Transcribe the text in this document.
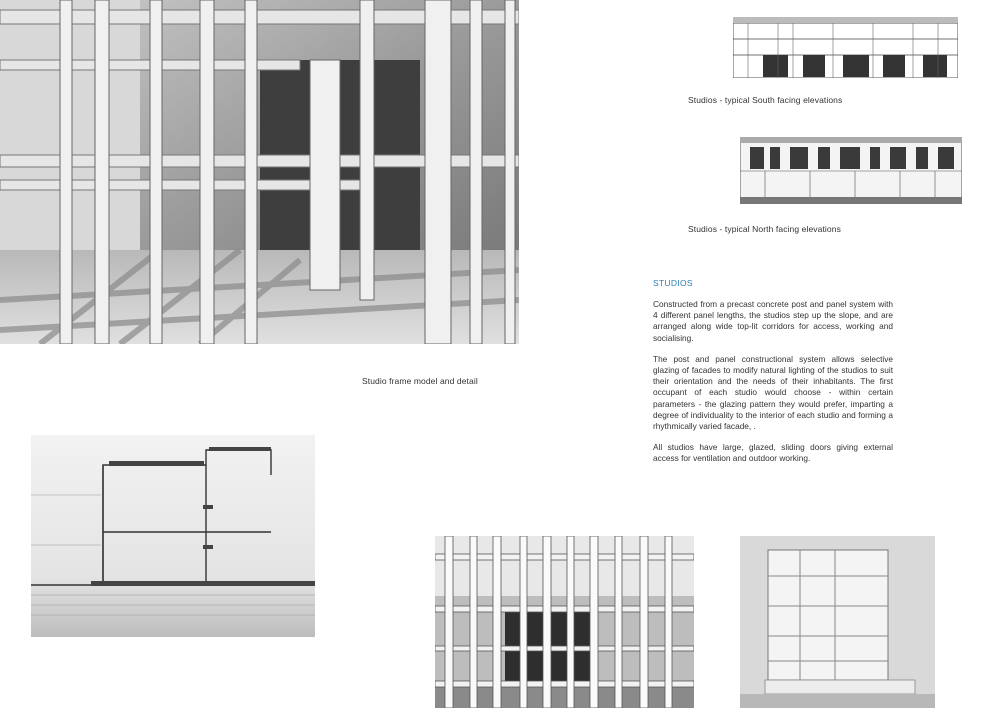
Studios - typical South facing elevations
Studios - typical North facing elevations
STUDIOS

Constructed from a precast concrete post and panel system with 4 different panel lengths, the studios step up the slope, and are arranged along wide top-lit corridors for access, working and socialising.

The post and panel constructional system allows selective glazing of facades to modify natural lighting of the studios to suit their orientation and the needs of their inhabitants. The first occupant of each studio would choose - within certain parameters - the glazing pattern they would prefer, imparting a degree of individuality to the interior of each studio and forming a rhythmically varied facade, .

All studios have large, glazed, sliding doors giving external access for ventilation and outdoor working.

Studio frame model and detail
